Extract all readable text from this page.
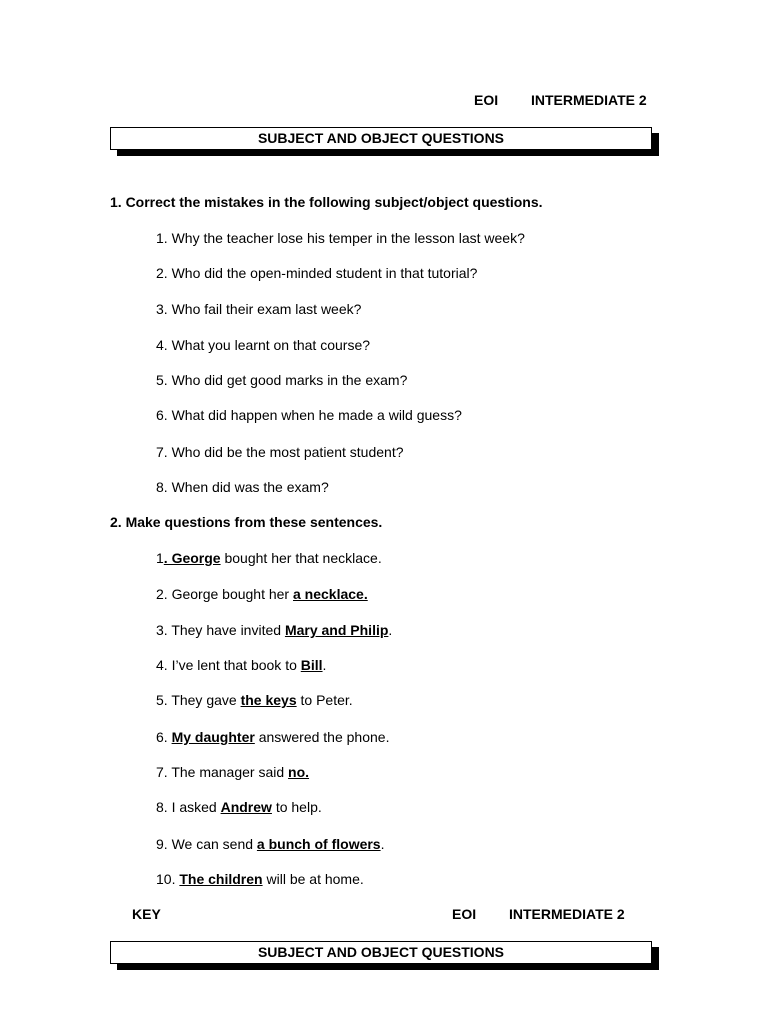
EOI INTERMEDIATE 2
SUBJECT AND OBJECT QUESTIONS
1. Correct the mistakes in the following subject/object questions.
1. Why the teacher lose his temper in the lesson last week?
2. Who did the open-minded student in that tutorial?
3. Who fail their exam last week?
4. What you learnt on that course?
5. Who did get good marks in the exam?
6. What did happen when he made a wild guess?
7. Who did be the most patient student?
8. When did was the exam?
2. Make questions from these sentences.
1. George bought her that necklace.
2. George bought her a necklace.
3. They have invited Mary and Philip.
4. I’ve lent that book to Bill.
5. They gave the keys to Peter.
6. My daughter answered the phone.
7. The manager said no.
8. I asked Andrew to help.
9. We can send a bunch of flowers.
10. The children will be at home.
KEY	EOI INTERMEDIATE 2
SUBJECT AND OBJECT QUESTIONS
